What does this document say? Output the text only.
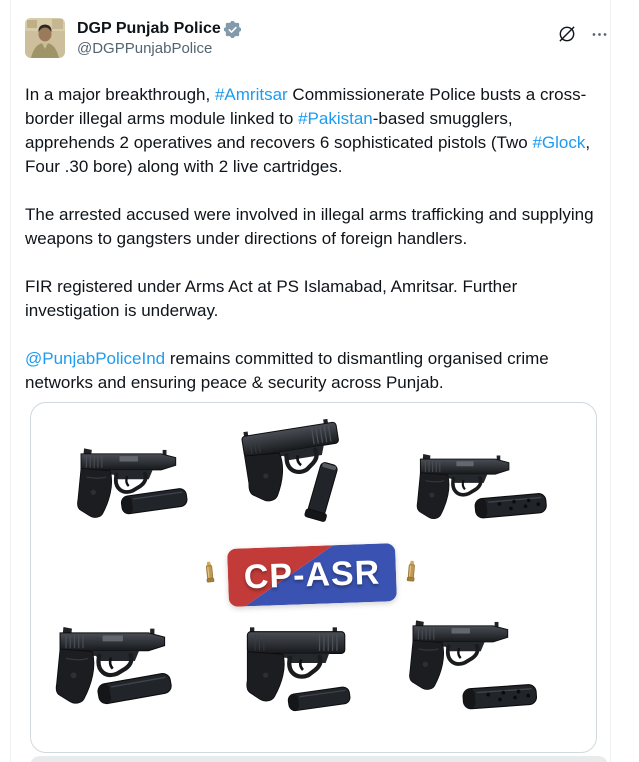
DGP Punjab Police
@DGPPunjabPolice

In a major breakthrough, #Amritsar Commissionerate Police busts a cross-border illegal arms module linked to #Pakistan-based smugglers, apprehends 2 operatives and recovers 6 sophisticated pistols (Two #Glock, Four .30 bore) along with 2 live cartridges.

The arrested accused were involved in illegal arms trafficking and supplying weapons to gangsters under directions of foreign handlers.

FIR registered under Arms Act at PS Islamabad, Amritsar. Further investigation is underway.

@PunjabPoliceInd remains committed to dismantling organised crime networks and ensuring peace & security across Punjab.

CP-ASR
